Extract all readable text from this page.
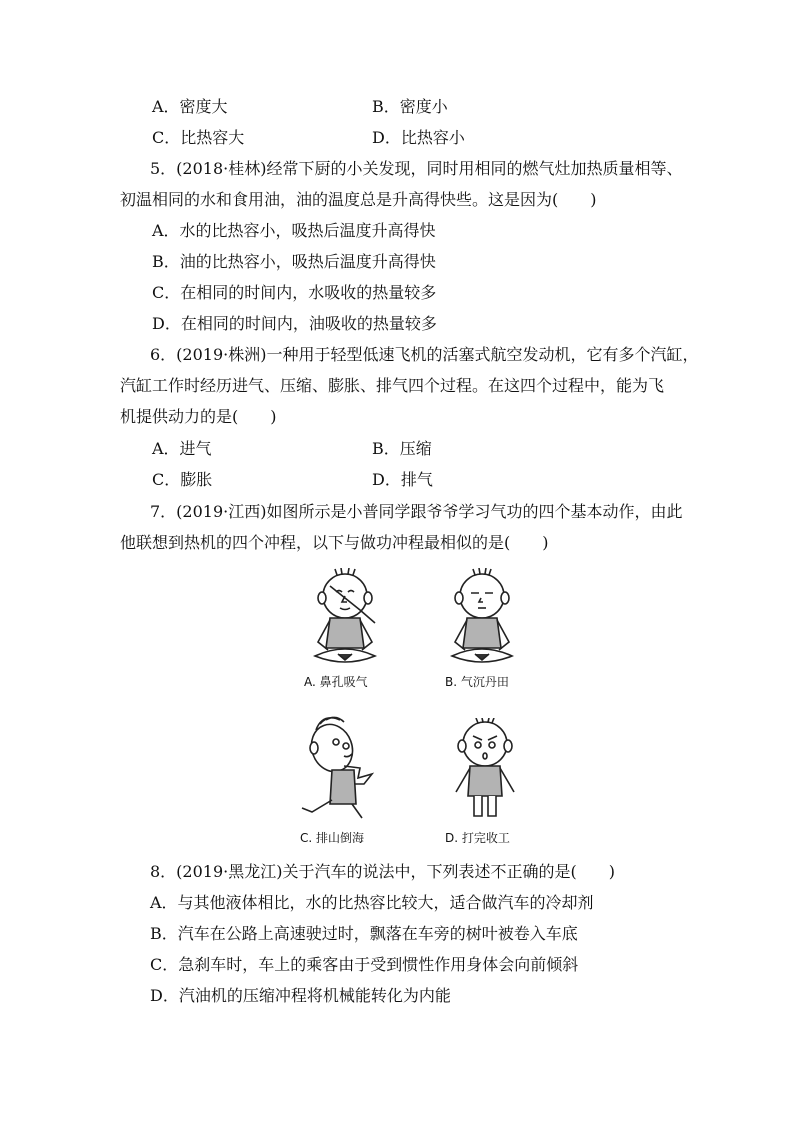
A．密度大	B．密度小
C．比热容大	D．比热容小
5．(2018·桂林)经常下厨的小关发现，同时用相同的燃气灶加热质量相等、
初温相同的水和食用油，油的温度总是升高得快些。这是因为(　　)
A．水的比热容小，吸热后温度升高得快
B．油的比热容小，吸热后温度升高得快
C．在相同的时间内，水吸收的热量较多
D．在相同的时间内，油吸收的热量较多
6．(2019·株洲)一种用于轻型低速飞机的活塞式航空发动机，它有多个汽缸，
汽缸工作时经历进气、压缩、膨胀、排气四个过程。在这四个过程中，能为飞
机提供动力的是(　　)
A．进气	B．压缩
C．膨胀	D．排气
7．(2019·江西)如图所示是小普同学跟爷爷学习气功的四个基本动作，由此
他联想到热机的四个冲程，以下与做功冲程最相似的是(　　)
A. 鼻孔吸气	B. 气沉丹田
C. 排山倒海	D. 打完收工
8．(2019·黑龙江)关于汽车的说法中，下列表述不正确的是(　　)
A．与其他液体相比，水的比热容比较大，适合做汽车的冷却剂
B．汽车在公路上高速驶过时，飘落在车旁的树叶被卷入车底
C．急刹车时，车上的乘客由于受到惯性作用身体会向前倾斜
D．汽油机的压缩冲程将机械能转化为内能
